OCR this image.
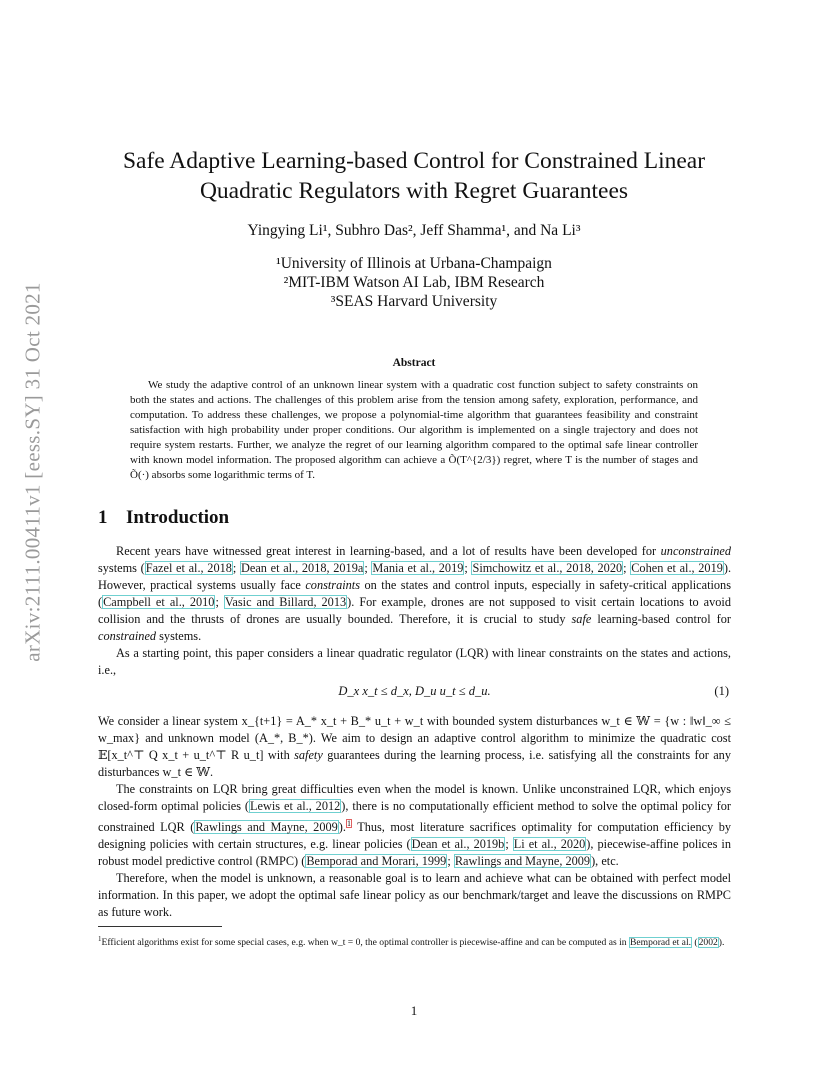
arXiv:2111.00411v1 [eess.SY] 31 Oct 2021
Safe Adaptive Learning-based Control for Constrained Linear
Quadratic Regulators with Regret Guarantees
Yingying Li¹, Subhro Das², Jeff Shamma¹, and Na Li³
¹University of Illinois at Urbana-Champaign
²MIT-IBM Watson AI Lab, IBM Research
³SEAS Harvard University
Abstract
We study the adaptive control of an unknown linear system with a quadratic cost function subject to safety constraints on both the states and actions. The challenges of this problem arise from the tension among safety, exploration, performance, and computation. To address these challenges, we propose a polynomial-time algorithm that guarantees feasibility and constraint satisfaction with high probability under proper conditions. Our algorithm is implemented on a single trajectory and does not require system restarts. Further, we analyze the regret of our learning algorithm compared to the optimal safe linear controller with known model information. The proposed algorithm can achieve a Õ(T^{2/3}) regret, where T is the number of stages and Õ(·) absorbs some logarithmic terms of T.
1 Introduction

Recent years have witnessed great interest in learning-based, and a lot of results have been developed for unconstrained systems (Fazel et al., 2018; Dean et al., 2018, 2019a; Mania et al., 2019; Simchowitz et al., 2018, 2020; Cohen et al., 2019). However, practical systems usually face constraints on the states and control inputs, especially in safety-critical applications (Campbell et al., 2010; Vasic and Billard, 2013). For example, drones are not supposed to visit certain locations to avoid collision and the thrusts of drones are usually bounded. Therefore, it is crucial to study safe learning-based control for constrained systems.

As a starting point, this paper considers a linear quadratic regulator (LQR) with linear constraints on the states and actions, i.e.,

D_x x_t ≤ d_x, D_u u_t ≤ d_u.	(1)

We consider a linear system x_{t+1} = A_* x_t + B_* u_t + w_t with bounded system disturbances w_t ∈ 𝕎 = {w : ‖w‖_∞ ≤ w_max} and unknown model (A_*, B_*). We aim to design an adaptive control algorithm to minimize the quadratic cost 𝔼[x_t^⊤ Q x_t + u_t^⊤ R u_t] with safety guarantees during the learning process, i.e. satisfying all the constraints for any disturbances w_t ∈ 𝕎.

The constraints on LQR bring great difficulties even when the model is known. Unlike unconstrained LQR, which enjoys closed-form optimal policies (Lewis et al., 2012), there is no computationally efficient method to solve the optimal policy for constrained LQR (Rawlings and Mayne, 2009).$^1$ Thus, most literature sacrifices optimality for computation efficiency by designing policies with certain structures, e.g. linear policies (Dean et al., 2019b; Li et al., 2020), piecewise-affine polices in robust model predictive control (RMPC) (Bemporad and Morari, 1999; Rawlings and Mayne, 2009), etc.

Therefore, when the model is unknown, a reasonable goal is to learn and achieve what can be obtained with perfect model information. In this paper, we adopt the optimal safe linear policy as our benchmark/target and leave the discussions on RMPC as future work.

$^1$Efficient algorithms exist for some special cases, e.g. when w_t = 0, the optimal controller is piecewise-affine and can be computed as in Bemporad et al. (2002).
1
